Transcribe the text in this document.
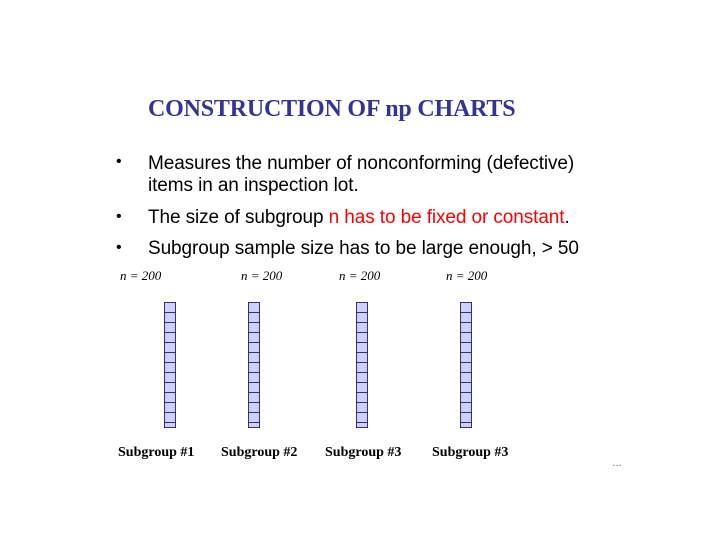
CONSTRUCTION OF np CHARTS
• Measures the number of nonconforming (defective)
items in an inspection lot.
• The size of subgroup n has to be fixed or constant.
• Subgroup sample size has to be large enough, > 50
n = 200	n = 200	n = 200	n = 200
Subgroup #1 Subgroup #2 Subgroup #3 Subgroup #3
…
